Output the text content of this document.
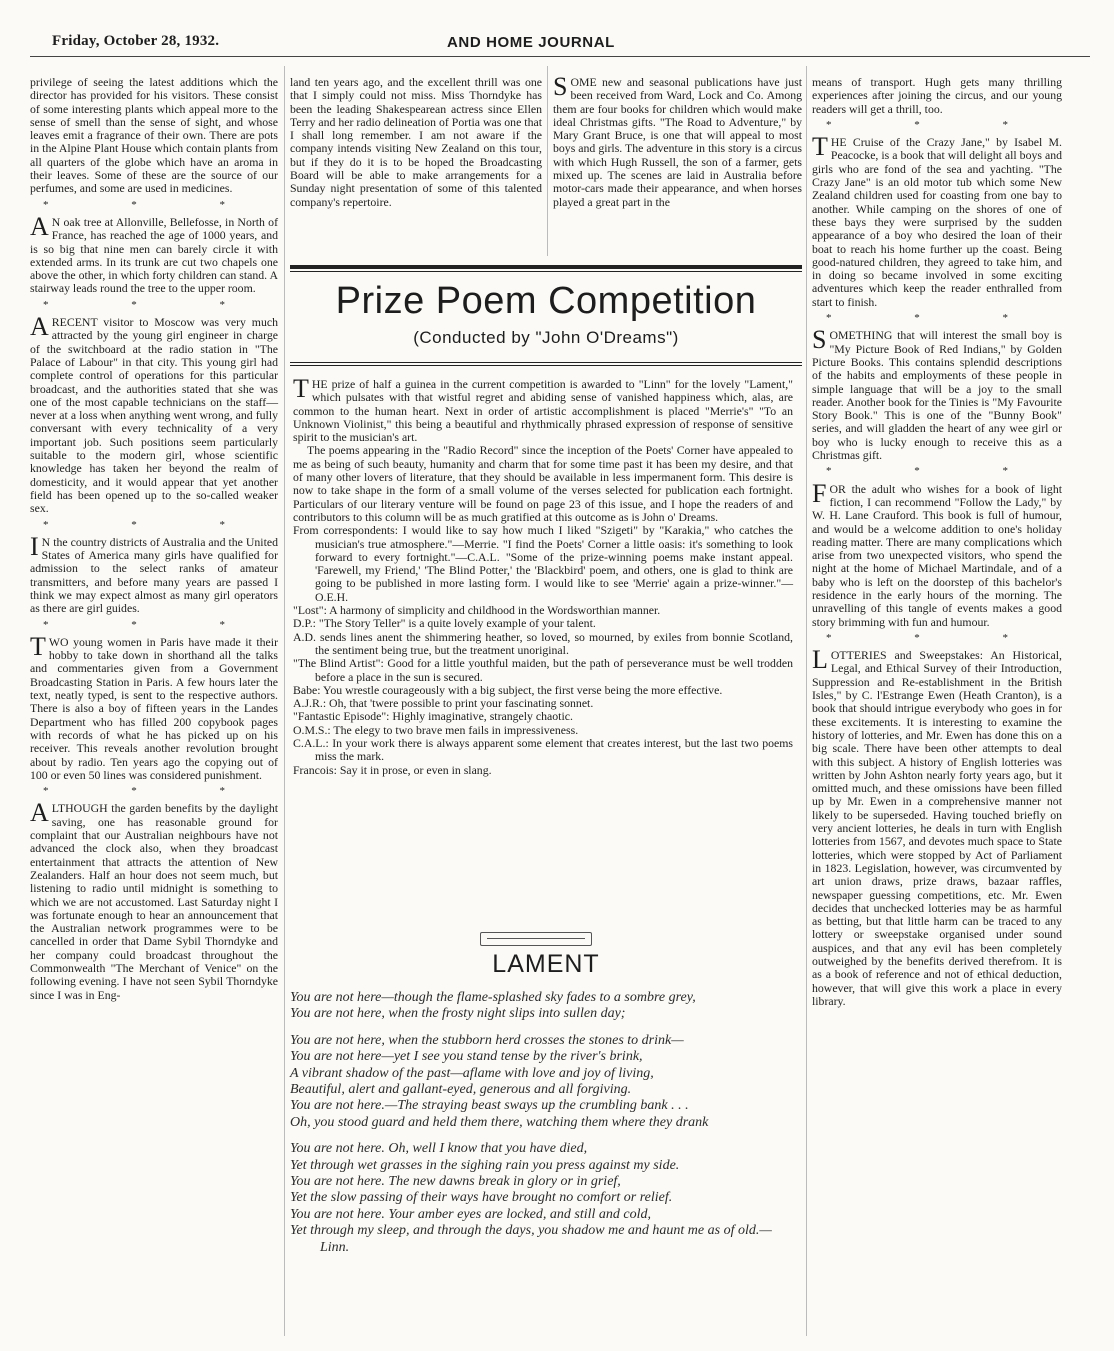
Friday, October 28, 1932.	AND HOME JOURNAL

privilege of seeing the latest additions which the director has provided for his visitors. These consist of some interesting plants which appeal more to the sense of smell than the sense of sight, and whose leaves emit a fragrance of their own. There are pots in the Alpine Plant House which contain plants from all quarters of the globe which have an aroma in their leaves. Some of these are the source of our perfumes, and some are used in medicines.

* * *

A N oak tree at Allonville, Bellefosse, in North of France, has reached the age of 1000 years, and is so big that nine men can barely circle it with extended arms. In its trunk are cut two chapels one above the other, in which forty children can stand. A stairway leads round the tree to the upper room.

* * *

ARECENT visitor to Moscow was very much attracted by the young girl engineer in charge of the switchboard at the radio station in "The Palace of Labour" in that city. This young girl had complete control of operations for this particular broadcast, and the authorities stated that she was one of the most capable technicians on the staff—never at a loss when anything went wrong, and fully conversant with every technicality of a very important job. Such positions seem particularly suitable to the modern girl, whose scientific knowledge has taken her beyond the realm of domesticity, and it would appear that yet another field has been opened up to the so-called weaker sex.

* * *

I N the country districts of Australia and the United States of America many girls have qualified for admission to the select ranks of amateur transmitters, and before many years are passed I think we may expect almost as many girl operators as there are girl guides.

* * *

TWO young women in Paris have made it their hobby to take down in shorthand all the talks and commentaries given from a Government Broadcasting Station in Paris. A few hours later the text, neatly typed, is sent to the respective authors. There is also a boy of fifteen years in the Landes Department who has filled 200 copybook pages with records of what he has picked up on his receiver. This reveals another revolution brought about by radio. Ten years ago the copying out of 100 or even 50 lines was considered punishment.

* * *

ALTHOUGH the garden benefits by the daylight saving, one has reasonable ground for complaint that our Australian neighbours have not advanced the clock also, when they broadcast entertainment that attracts the attention of New Zealanders. Half an hour does not seem much, but listening to radio until midnight is something to which we are not accustomed. Last Saturday night I was fortunate enough to hear an announcement that the Australian network programmes were to be cancelled in order that Dame Sybil Thorndyke and her company could broadcast throughout the Commonwealth "The Merchant of Venice" on the following evening. I have not seen Sybil Thorndyke since I was in Eng-

land ten years ago, and the excellent thrill was one that I simply could not miss. Miss Thorndyke has been the leading Shakespearean actress since Ellen Terry and her radio delineation of Portia was one that I shall long remember. I am not aware if the company intends visiting New Zealand on this tour, but if they do it is to be hoped the Broadcasting Board will be able to make arrangements for a Sunday night presentation of some of this talented company's repertoire.

SOME new and seasonal publications have just been received from Ward, Lock and Co. Among them are four books for children which would make ideal Christmas gifts. "The Road to Adventure," by Mary Grant Bruce, is one that will appeal to most boys and girls. The adventure in this story is a circus with which Hugh Russell, the son of a farmer, gets mixed up. The scenes are laid in Australia before motor-cars made their appearance, and when horses played a great part in the

means of transport. Hugh gets many thrilling experiences after joining the circus, and our young readers will get a thrill, too.

* * *

THE Cruise of the Crazy Jane," by Isabel M. Peacocke, is a book that will delight all boys and girls who are fond of the sea and yachting. "The Crazy Jane" is an old motor tub which some New Zealand children used for coasting from one bay to another. While camping on the shores of one of these bays they were surprised by the sudden appearance of a boy who desired the loan of their boat to reach his home further up the coast. Being good-natured children, they agreed to take him, and in doing so became involved in some exciting adventures which keep the reader enthralled from start to finish.

* * *

SOMETHING that will interest the small boy is "My Picture Book of Red Indians," by Golden Picture Books. This contains splendid descriptions of the habits and employments of these people in simple language that will be a joy to the small reader. Another book for the Tinies is "My Favourite Story Book." This is one of the "Bunny Book" series, and will gladden the heart of any wee girl or boy who is lucky enough to receive this as a Christmas gift.

* * *

FOR the adult who wishes for a book of light fiction, I can recommend "Follow the Lady," by W. H. Lane Crauford. This book is full of humour, and would be a welcome addition to one's holiday reading matter. There are many complications which arise from two unexpected visitors, who spend the night at the home of Michael Martindale, and of a baby who is left on the doorstep of this bachelor's residence in the early hours of the morning. The unravelling of this tangle of events makes a good story brimming with fun and humour.

* * *

LOTTERIES and Sweepstakes: An Historical, Legal, and Ethical Survey of their Introduction, Suppression and Re-establishment in the British Isles," by C. l'Estrange Ewen (Heath Cranton), is a book that should intrigue everybody who goes in for these excitements. It is interesting to examine the history of lotteries, and Mr. Ewen has done this on a big scale. There have been other attempts to deal with this subject. A history of English lotteries was written by John Ashton nearly forty years ago, but it omitted much, and these omissions have been filled up by Mr. Ewen in a comprehensive manner not likely to be superseded. Having touched briefly on very ancient lotteries, he deals in turn with English lotteries from 1567, and devotes much space to State lotteries, which were stopped by Act of Parliament in 1823. Legislation, however, was circumvented by art union draws, prize draws, bazaar raffles, newspaper guessing competitions, etc. Mr. Ewen decides that unchecked lotteries may be as harmful as betting, but that little harm can be traced to any lottery or sweepstake organised under sound auspices, and that any evil has been completely outweighed by the benefits derived therefrom. It is as a book of reference and not of ethical deduction, however, that will give this work a place in every library.

Prize Poem Competition
(Conducted by "John O'Dreams")

THE prize of half a guinea in the current competition is awarded to "Linn" for the lovely "Lament," which pulsates with that wistful regret and abiding sense of vanished happiness which, alas, are common to the human heart. Next in order of artistic accomplishment is placed "Merrie's" "To an Unknown Violinist," this being a beautiful and rhythmically phrased expression of response of sensitive spirit to the musician's art.

The poems appearing in the "Radio Record" since the inception of the Poets' Corner have appealed to me as being of such beauty, humanity and charm that for some time past it has been my desire, and that of many other lovers of literature, that they should be available in less impermanent form. This desire is now to take shape in the form of a small volume of the verses selected for publication each fortnight. Particulars of our literary venture will be found on page 23 of this issue, and I hope the readers of and contributors to this column will be as much gratified at this outcome as is John o' Dreams.

From correspondents: I would like to say how much I liked "Szigeti" by "Karakia," who catches the musician's true atmosphere."—Merrie. "I find the Poets' Corner a little oasis: it's something to look forward to every fortnight."—C.A.L. "Some of the prize-winning poems make instant appeal. 'Farewell, my Friend,' 'The Blind Potter,' the 'Blackbird' poem, and others, one is glad to think are going to be published in more lasting form. I would like to see 'Merrie' again a prize-winner."—O.E.H.
"Lost": A harmony of simplicity and childhood in the Wordsworthian manner.
D.P.: "The Story Teller" is a quite lovely example of your talent.
A.D. sends lines anent the shimmering heather, so loved, so mourned, by exiles from bonnie Scotland, the sentiment being true, but the treatment unoriginal.
"The Blind Artist": Good for a little youthful maiden, but the path of perseverance must be well trodden before a place in the sun is secured.
Babe: You wrestle courageously with a big subject, the first verse being the more effective.
A.J.R.: Oh, that 'twere possible to print your fascinating sonnet.
"Fantastic Episode": Highly imaginative, strangely chaotic.
O.M.S.: The elegy to two brave men fails in impressiveness.
C.A.L.: In your work there is always apparent some element that creates interest, but the last two poems miss the mark.
Francois: Say it in prose, or even in slang.
LAMENT
You are not here—though the flame-splashed sky fades to a sombre grey,
You are not here, when the frosty night slips into sullen day;
You are not here, when the stubborn herd crosses the stones to drink—
You are not here—yet I see you stand tense by the river's brink,
A vibrant shadow of the past—aflame with love and joy of living,
Beautiful, alert and gallant-eyed, generous and all forgiving.
You are not here.—The straying beast sways up the crumbling bank . . .
Oh, you stood guard and held them there, watching them where they drank
You are not here. Oh, well I know that you have died,
Yet through wet grasses in the sighing rain you press against my side.
You are not here. The new dawns break in glory or in grief,
Yet the slow passing of their ways have brought no comfort or relief.
You are not here. Your amber eyes are locked, and still and cold,
Yet through my sleep, and through the days, you shadow me and haunt me as of old.—Linn.
